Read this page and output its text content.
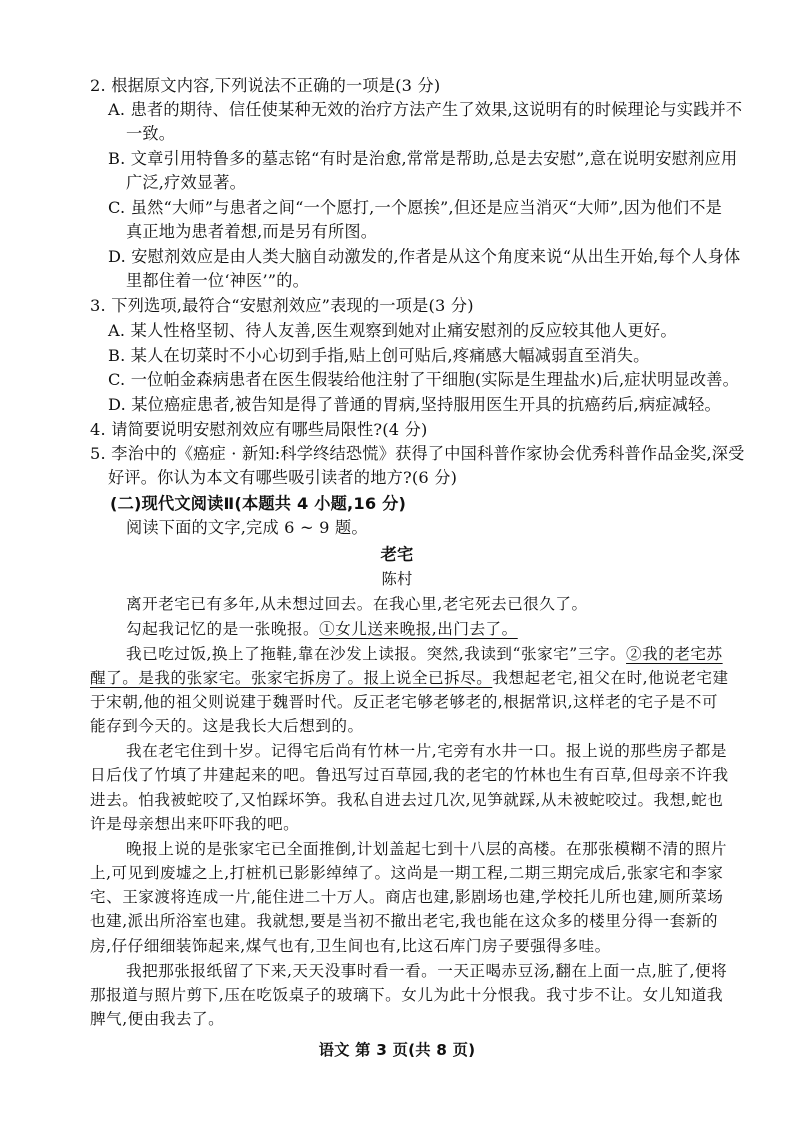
2. 根据原文内容,下列说法不正确的一项是(3 分)
A. 患者的期待、信任使某种无效的治疗方法产生了效果,这说明有的时候理论与实践并不
一致。
B. 文章引用特鲁多的墓志铭“有时是治愈,常常是帮助,总是去安慰”,意在说明安慰剂应用
广泛,疗效显著。
C. 虽然“大师”与患者之间“一个愿打,一个愿挨”,但还是应当消灭“大师”,因为他们不是
真正地为患者着想,而是另有所图。
D. 安慰剂效应是由人类大脑自动激发的,作者是从这个角度来说“从出生开始,每个人身体
里都住着一位‘神医’”的。
3. 下列选项,最符合“安慰剂效应”表现的一项是(3 分)
A. 某人性格坚韧、待人友善,医生观察到她对止痛安慰剂的反应较其他人更好。
B. 某人在切菜时不小心切到手指,贴上创可贴后,疼痛感大幅减弱直至消失。
C. 一位帕金森病患者在医生假装给他注射了干细胞(实际是生理盐水)后,症状明显改善。
D. 某位癌症患者,被告知是得了普通的胃病,坚持服用医生开具的抗癌药后,病症减轻。
4. 请简要说明安慰剂效应有哪些局限性?(4 分)
5. 李治中的《癌症 · 新知:科学终结恐慌》获得了中国科普作家协会优秀科普作品金奖,深受
好评。你认为本文有哪些吸引读者的地方?(6 分)
(二)现代文阅读Ⅱ(本题共 4 小题,16 分)
阅读下面的文字,完成 6 ~ 9 题。
老宅
陈村
离开老宅已有多年,从未想过回去。在我心里,老宅死去已很久了。
勾起我记忆的是一张晚报。①女儿送来晚报,出门去了。
我已吃过饭,换上了拖鞋,靠在沙发上读报。突然,我读到“张家宅”三字。②我的老宅苏
醒了。是我的张家宅。张家宅拆房了。报上说全已拆尽。我想起老宅,祖父在时,他说老宅建
于宋朝,他的祖父则说建于魏晋时代。反正老宅够老够老的,根据常识,这样老的宅子是不可
能存到今天的。这是我长大后想到的。
我在老宅住到十岁。记得宅后尚有竹林一片,宅旁有水井一口。报上说的那些房子都是
日后伐了竹填了井建起来的吧。鲁迅写过百草园,我的老宅的竹林也生有百草,但母亲不许我
进去。怕我被蛇咬了,又怕踩坏笋。我私自进去过几次,见笋就踩,从未被蛇咬过。我想,蛇也
许是母亲想出来吓吓我的吧。
晚报上说的是张家宅已全面推倒,计划盖起七到十八层的高楼。在那张模糊不清的照片
上,可见到废墟之上,打桩机已影影绰绰了。这尚是一期工程,二期三期完成后,张家宅和李家
宅、王家渡将连成一片,能住进二十万人。商店也建,影剧场也建,学校托儿所也建,厕所菜场
也建,派出所浴室也建。我就想,要是当初不撤出老宅,我也能在这众多的楼里分得一套新的
房,仔仔细细装饰起来,煤气也有,卫生间也有,比这石库门房子要强得多哇。
我把那张报纸留了下来,天天没事时看一看。一天正喝赤豆汤,翻在上面一点,脏了,便将
那报道与照片剪下,压在吃饭桌子的玻璃下。女儿为此十分恨我。我寸步不让。女儿知道我
脾气,便由我去了。
语文 第 3 页(共 8 页)
